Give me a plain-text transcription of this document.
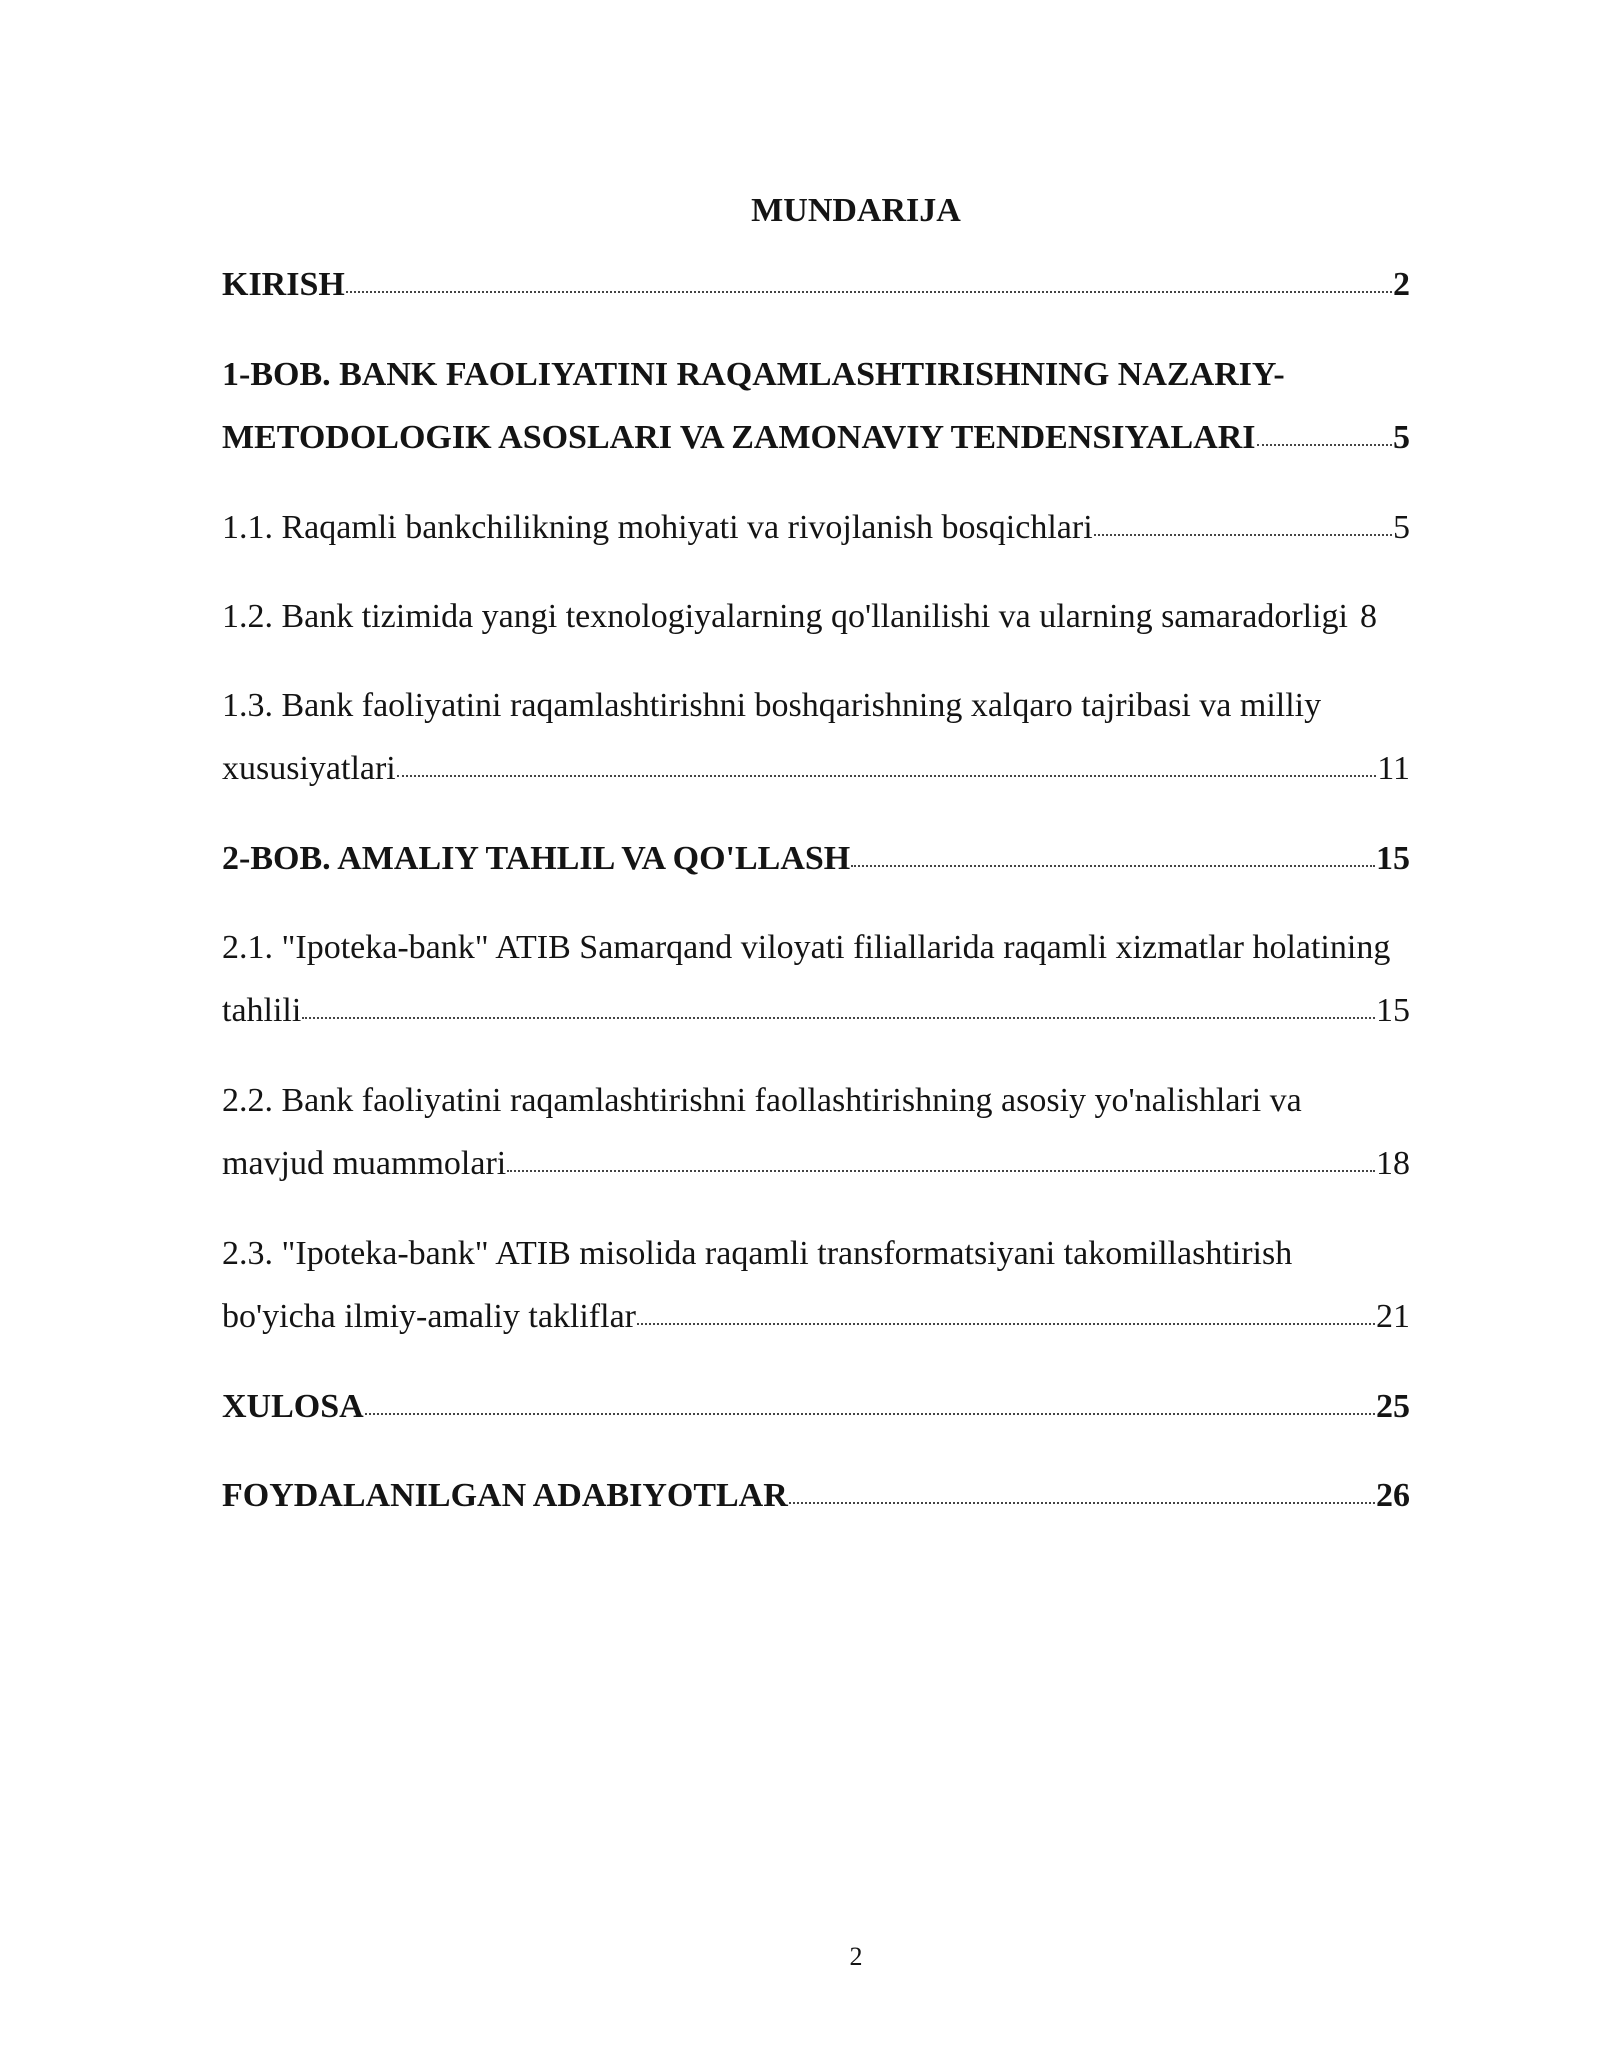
MUNDARIJA
KIRISH	2
1-BOB. BANK FAOLIYATINI RAQAMLASHTIRISHNING NAZARIY-
METODOLOGIK ASOSLARI VA ZAMONAVIY TENDENSIYALARI	5
1.1. Raqamli bankchilikning mohiyati va rivojlanish bosqichlari	5
1.2. Bank tizimida yangi texnologiyalarning qo'llanilishi va ularning samaradorligi 8
1.3. Bank faoliyatini raqamlashtirishni boshqarishning xalqaro tajribasi va milliy
xususiyatlari	11
2-BOB. AMALIY TAHLIL VA QO'LLASH	15
2.1. "Ipoteka-bank" ATIB Samarqand viloyati filiallarida raqamli xizmatlar holatining
tahlili	15
2.2. Bank faoliyatini raqamlashtirishni faollashtirishning asosiy yo'nalishlari va
mavjud muammolari	18
2.3. "Ipoteka-bank" ATIB misolida raqamli transformatsiyani takomillashtirish
bo'yicha ilmiy-amaliy takliflar	21
XULOSA	25
FOYDALANILGAN ADABIYOTLAR	26
2
